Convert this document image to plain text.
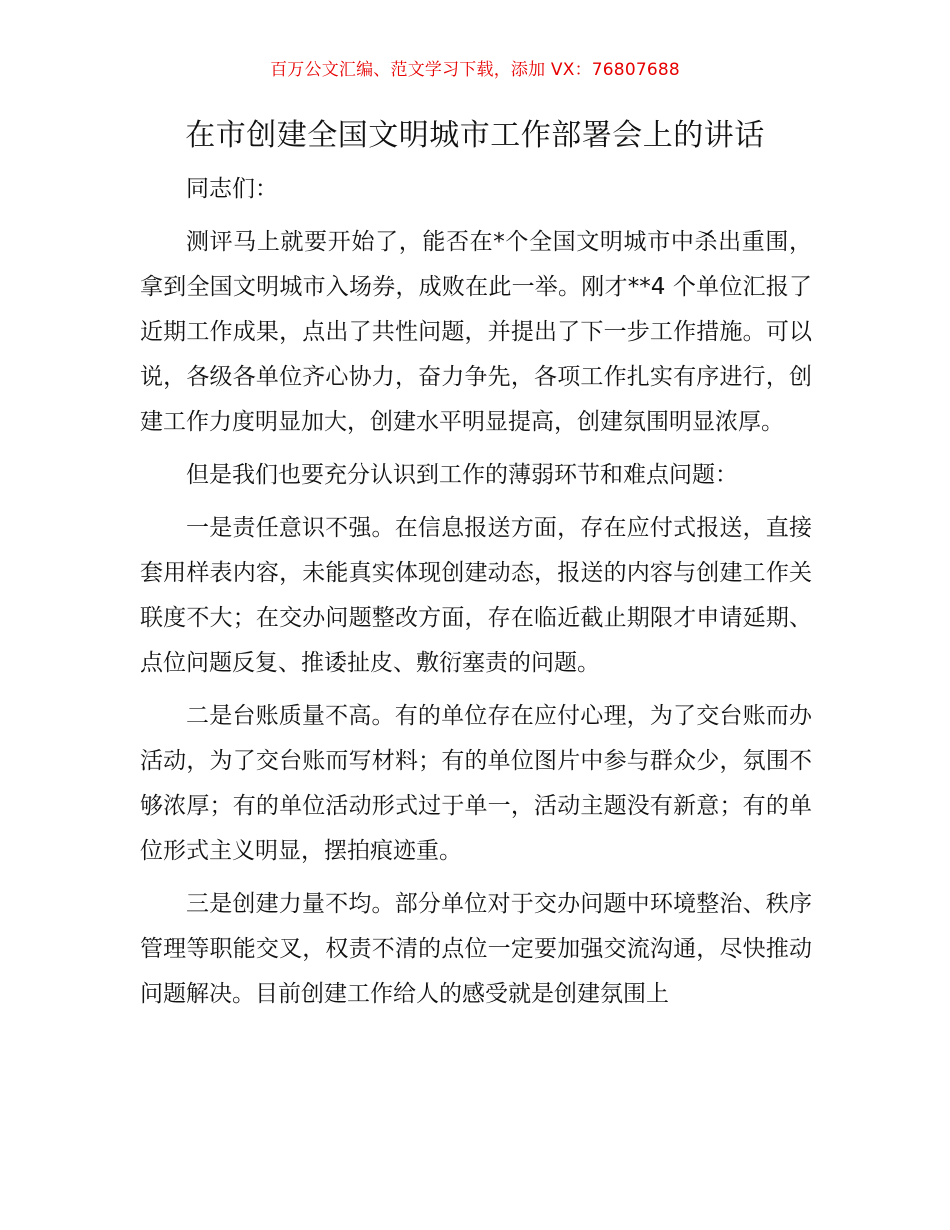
百万公文汇编、范文学习下载，添加 VX：76807688
在市创建全国文明城市工作部署会上的讲话

同志们：

测评马上就要开始了，能否在*个全国文明城市中杀出重围，拿到全国文明城市入场券，成败在此一举。刚才**4 个单位汇报了近期工作成果，点出了共性问题，并提出了下一步工作措施。可以说，各级各单位齐心协力，奋力争先，各项工作扎实有序进行，创建工作力度明显加大，创建水平明显提高，创建氛围明显浓厚。

但是我们也要充分认识到工作的薄弱环节和难点问题：

一是责任意识不强。在信息报送方面，存在应付式报送，直接套用样表内容，未能真实体现创建动态，报送的内容与创建工作关联度不大；在交办问题整改方面，存在临近截止期限才申请延期、点位问题反复、推诿扯皮、敷衍塞责的问题。

二是台账质量不高。有的单位存在应付心理，为了交台账而办活动，为了交台账而写材料；有的单位图片中参与群众少，氛围不够浓厚；有的单位活动形式过于单一，活动主题没有新意；有的单位形式主义明显，摆拍痕迹重。

三是创建力量不均。部分单位对于交办问题中环境整治、秩序管理等职能交叉，权责不清的点位一定要加强交流沟通，尽快推动问题解决。目前创建工作给人的感受就是创建氛围上
